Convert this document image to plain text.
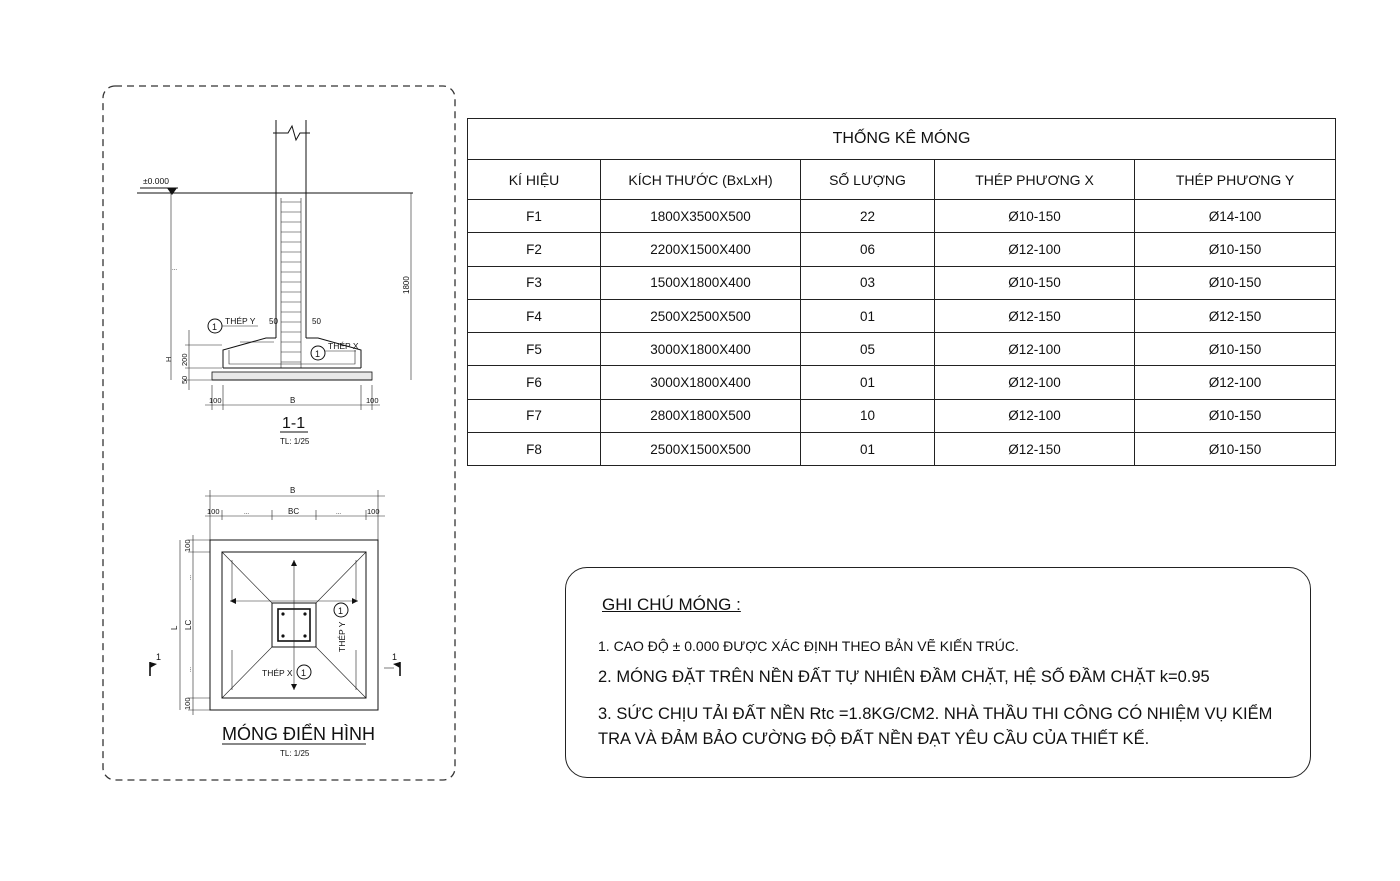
±0.000
...
1800
1
THÉP Y 50	50
1
THÉP X
H 200
50
100	B	100
1-1
TL: 1/25
B
100	...	BC	...	100
100
...
LC
...
100
L
1
THÉP Y
1
THÉP X
1	1
MÓNG ĐIỂN HÌNH
TL: 1/25
THỐNG KÊ MÓNG				
KÍ HIỆU	KÍCH THƯỚC (BxLxH)	SỐ LƯỢNG	THÉP PHƯƠNG X	THÉP PHƯƠNG Y
F1	1800X3500X500	22	Ø10-150	Ø14-100
F2	2200X1500X400	06	Ø12-100	Ø10-150
F3	1500X1800X400	03	Ø10-150	Ø10-150
F4	2500X2500X500	01	Ø12-150	Ø12-150
F5	3000X1800X400	05	Ø12-100	Ø10-150
F6	3000X1800X400	01	Ø12-100	Ø12-100
F7	2800X1800X500	10	Ø12-100	Ø10-150
F8	2500X1500X500	01	Ø12-150	Ø10-150
GHI CHÚ MÓNG :
1. CAO ĐỘ ± 0.000 ĐƯỢC XÁC ĐỊNH THEO BẢN VẼ KIẾN TRÚC.
2. MÓNG ĐẶT TRÊN NỀN ĐẤT TỰ NHIÊN ĐẦM CHẶT, HỆ SỐ ĐẦM CHẶT k=0.95
3. SỨC CHỊU TẢI ĐẤT NỀN Rtc =1.8KG/CM2. NHÀ THẦU THI CÔNG CÓ NHIỆM VỤ KIỂM TRA VÀ ĐẢM BẢO CƯỜNG ĐỘ ĐẤT NỀN ĐẠT YÊU CẦU CỦA THIẾT KẾ.
